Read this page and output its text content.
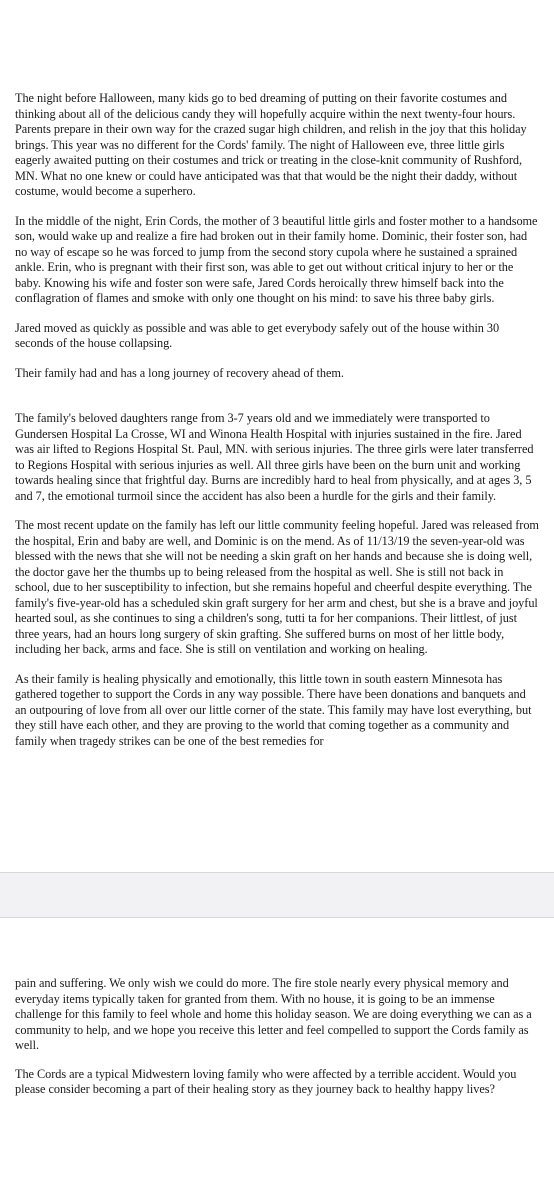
The night before Halloween, many kids go to bed dreaming of putting on their favorite costumes and thinking about all of the delicious candy they will hopefully acquire within the next twenty-four hours. Parents prepare in their own way for the crazed sugar high children, and relish in the joy that this holiday brings. This year was no different for the Cords' family. The night of Halloween eve, three little girls eagerly awaited putting on their costumes and trick or treating in the close-knit community of Rushford, MN. What no one knew or could have anticipated was that that would be the night their daddy, without costume, would become a superhero.

In the middle of the night, Erin Cords, the mother of 3 beautiful little girls and foster mother to a handsome son, would wake up and realize a fire had broken out in their family home. Dominic, their foster son, had no way of escape so he was forced to jump from the second story cupola where he sustained a sprained ankle. Erin, who is pregnant with their first son, was able to get out without critical injury to her or the baby. Knowing his wife and foster son were safe, Jared Cords heroically threw himself back into the conflagration of flames and smoke with only one thought on his mind: to save his three baby girls.

Jared moved as quickly as possible and was able to get everybody safely out of the house within 30 seconds of the house collapsing.

Their family had and has a long journey of recovery ahead of them.

The family's beloved daughters range from 3-7 years old and we immediately were transported to Gundersen Hospital La Crosse, WI and Winona Health Hospital with injuries sustained in the fire. Jared was air lifted to Regions Hospital St. Paul, MN. with serious injuries. The three girls were later transferred to Regions Hospital with serious injuries as well. All three girls have been on the burn unit and working towards healing since that frightful day. Burns are incredibly hard to heal from physically, and at ages 3, 5 and 7, the emotional turmoil since the accident has also been a hurdle for the girls and their family.

The most recent update on the family has left our little community feeling hopeful. Jared was released from the hospital, Erin and baby are well, and Dominic is on the mend. As of 11/13/19 the seven-year-old was blessed with the news that she will not be needing a skin graft on her hands and because she is doing well, the doctor gave her the thumbs up to being released from the hospital as well. She is still not back in school, due to her susceptibility to infection, but she remains hopeful and cheerful despite everything. The family's five-year-old has a scheduled skin graft surgery for her arm and chest, but she is a brave and joyful hearted soul, as she continues to sing a children's song, tutti ta for her companions. Their littlest, of just three years, had an hours long surgery of skin grafting. She suffered burns on most of her little body, including her back, arms and face. She is still on ventilation and working on healing.

As their family is healing physically and emotionally, this little town in south eastern Minnesota has gathered together to support the Cords in any way possible. There have been donations and banquets and an outpouring of love from all over our little corner of the state. This family may have lost everything, but they still have each other, and they are proving to the world that coming together as a community and family when tragedy strikes can be one of the best remedies for

pain and suffering. We only wish we could do more. The fire stole nearly every physical memory and everyday items typically taken for granted from them. With no house, it is going to be an immense challenge for this family to feel whole and home this holiday season. We are doing everything we can as a community to help, and we hope you receive this letter and feel compelled to support the Cords family as well.

The Cords are a typical Midwestern loving family who were affected by a terrible accident. Would you please consider becoming a part of their healing story as they journey back to healthy happy lives?
